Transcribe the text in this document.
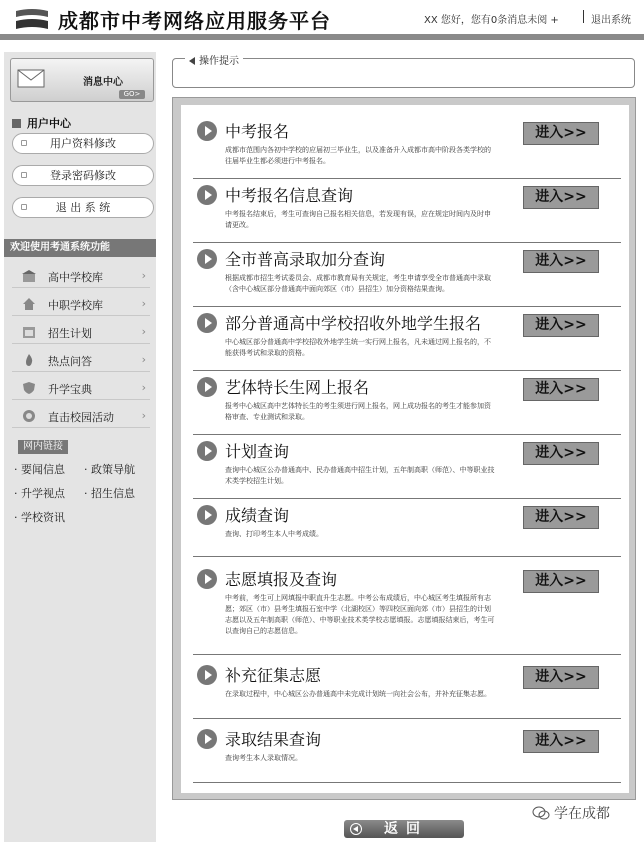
成都市中考网络应用服务平台	XX 您好，您有0条消息未阅 +	退出系统
消息中心
GO>
用户中心
用户资料修改
登录密码修改
退 出 系 统
欢迎使用考通系统功能
高中学校库	›
中职学校库	›
招生计划	›
热点问答	›
升学宝典	›
直击校园活动	›
网内链接
· 要闻信息 · 政策导航
· 升学视点 · 招生信息
· 学校资讯
操作提示
中考报名
成都市范围内各初中学校的应届初三毕业生，以及准备升入成都市高中阶段各类学校的往届毕业生都必须进行中考报名。
进入>>
中考报名信息查询
中考报名结束后，考生可查询自己报名相关信息，若发现有误，应在规定时间内及时申请更改。
进入>>
全市普高录取加分查询
根据成都市招生考试委员会、成都市教育局有关规定，考生申请享受全市普通高中录取（含中心城区部分普通高中面向郊区（市）县招生）加分资格结果查询。
进入>>
部分普通高中学校招收外地学生报名
中心城区部分普通高中学校招收外地学生统一实行网上报名，凡未通过网上报名的，不能获得考试和录取的资格。
进入>>
艺体特长生网上报名
报考中心城区高中艺体特长生的考生须进行网上报名，网上成功报名的考生才能参加资格审查、专业测试和录取。
进入>>
计划查询
查询中心城区公办普通高中、民办普通高中招生计划，五年制高职（师范）、中等职业技术类学校招生计划。
进入>>
成绩查询
查询、打印考生本人中考成绩。
进入>>
志愿填报及查询
中考前，考生可上网填报中职直升生志愿。中考公布成绩后，中心城区考生填报所有志愿；郊区（市）县考生填报石室中学（北湖校区）等四校区面向郊（市）县招生的计划志愿以及五年制高职（师范）、中等职业技术类学校志愿填报。志愿填报结束后，考生可以查询自己的志愿信息。
进入>>
补充征集志愿
在录取过程中，中心城区公办普通高中未完成计划统一向社会公布，并补充征集志愿。
进入>>
录取结果查询
查询考生本人录取情况。
进入>>
返回
学在成都
